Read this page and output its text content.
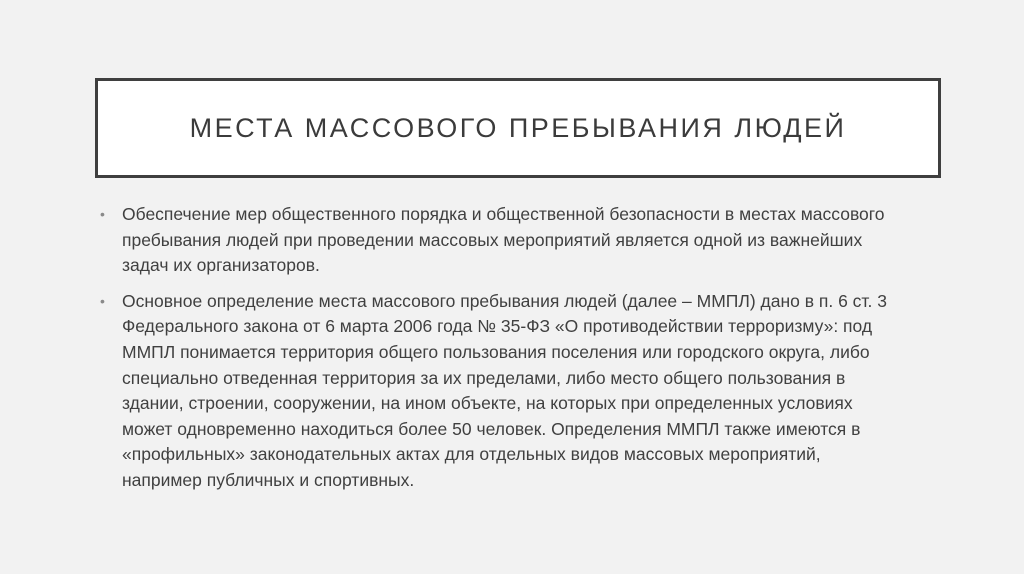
МЕСТА МАССОВОГО ПРЕБЫВАНИЯ ЛЮДЕЙ
• Обеспечение мер общественного порядка и общественной безопасности в местах массового пребывания людей при проведении массовых мероприятий является одной из важнейших задач их организаторов.

• Основное определение места массового пребывания людей (далее – ММПЛ) дано в п. 6 ст. 3 Федерального закона от 6 марта 2006 года № 35-ФЗ «О противодействии терроризму»: под ММПЛ понимается территория общего пользования поселения или городского округа, либо специально отведенная территория за их пределами, либо место общего пользования в здании, строении, сооружении, на ином объекте, на которых при определенных условиях может одновременно находиться более 50 человек. Определения ММПЛ также имеются в «профильных» законодательных актах для отдельных видов массовых мероприятий, например публичных и спортивных.
